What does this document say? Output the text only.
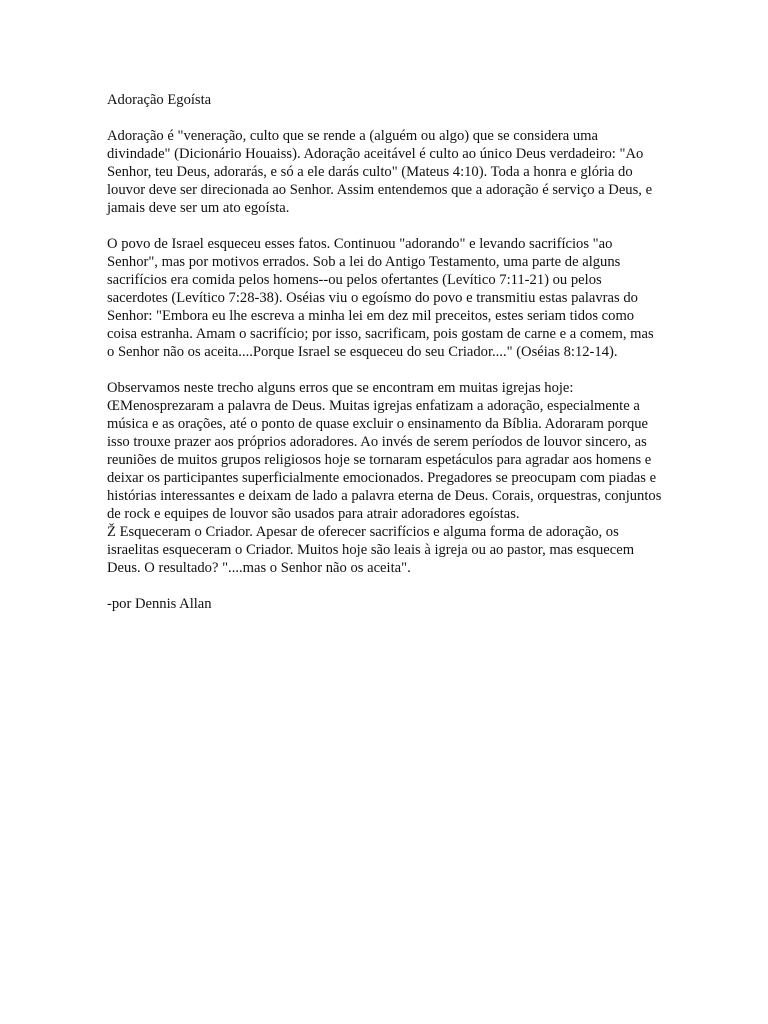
Adoração Egoísta

Adoração é "veneração, culto que se rende a (alguém ou algo) que se considera uma divindade" (Dicionário Houaiss). Adoração aceitável é culto ao único Deus verdadeiro: "Ao Senhor, teu Deus, adorarás, e só a ele darás culto" (Mateus 4:10). Toda a honra e glória do louvor deve ser direcionada ao Senhor. Assim entendemos que a adoração é serviço a Deus, e jamais deve ser um ato egoísta.

O povo de Israel esqueceu esses fatos. Continuou "adorando" e levando sacrifícios "ao Senhor", mas por motivos errados. Sob a lei do Antigo Testamento, uma parte de alguns sacrifícios era comida pelos homens--ou pelos ofertantes (Levítico 7:11-21) ou pelos sacerdotes (Levítico 7:28-38). Oséias viu o egoísmo do povo e transmitiu estas palavras do Senhor: "Embora eu lhe escreva a minha lei em dez mil preceitos, estes seriam tidos como coisa estranha. Amam o sacrifício; por isso, sacrificam, pois gostam de carne e a comem, mas o Senhor não os aceita....Porque Israel se esqueceu do seu Criador...." (Oséias 8:12-14).

Observamos neste trecho alguns erros que se encontram em muitas igrejas hoje:

ŒMenosprezaram a palavra de Deus. Muitas igrejas enfatizam a adoração, especialmente a música e as orações, até o ponto de quase excluir o ensinamento da Bíblia. Adoraram porque isso trouxe prazer aos próprios adoradores. Ao invés de serem períodos de louvor sincero, as reuniões de muitos grupos religiosos hoje se tornaram espetáculos para agradar aos homens e deixar os participantes superficialmente emocionados. Pregadores se preocupam com piadas e histórias interessantes e deixam de lado a palavra eterna de Deus. Corais, orquestras, conjuntos de rock e equipes de louvor são usados para atrair adoradores egoístas.

Ž Esqueceram o Criador. Apesar de oferecer sacrifícios e alguma forma de adoração, os israelitas esqueceram o Criador. Muitos hoje são leais à igreja ou ao pastor, mas esquecem Deus. O resultado? "....mas o Senhor não os aceita".

-por Dennis Allan
